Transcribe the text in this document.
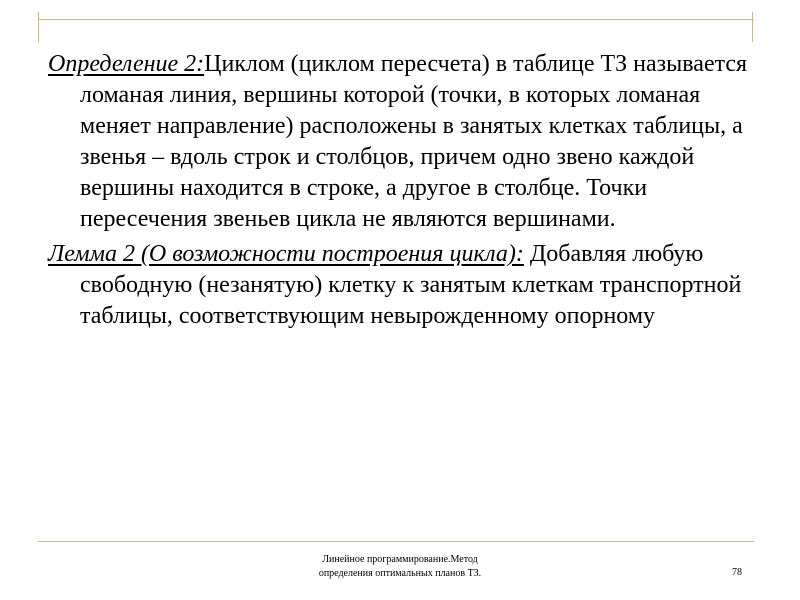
Определение 2:Циклом (циклом пересчета) в таблице ТЗ называется ломаная линия, вершины которой (точки, в которых ломаная меняет направление) расположены в занятых клетках таблицы, а звенья – вдоль строк и столбцов, причем одно звено каждой вершины находится в строке, а другое в столбце. Точки пересечения звеньев цикла не являются вершинами.

Лемма 2 (О возможности построения цикла): Добавляя любую свободную (незанятую) клетку к занятым клеткам транспортной таблицы, соответствующим невырожденному опорному

Линейное программирование.Метод
определения оптимальных планов ТЗ.	78
